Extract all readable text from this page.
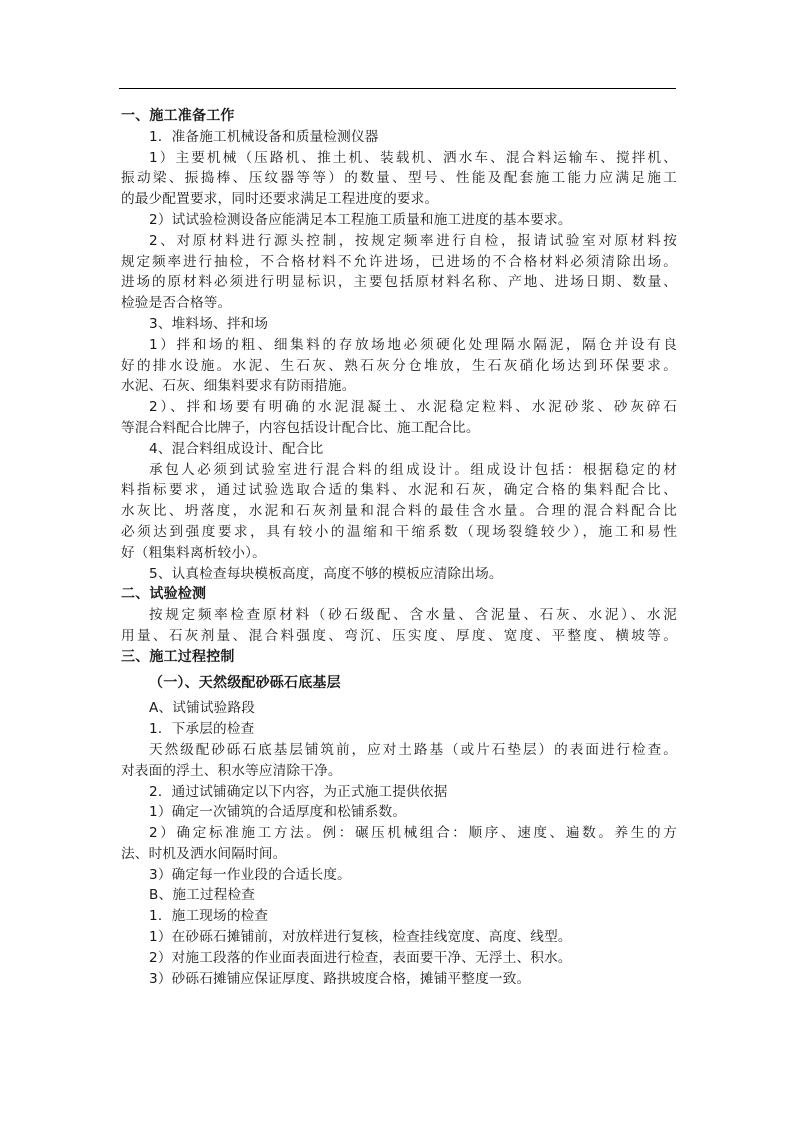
一、施工准备工作
1．准备施工机械设备和质量检测仪器
1）主要机械（压路机、推土机、装载机、洒水车、混合料运输车、搅拌机、
振动梁、振捣棒、压纹器等等）的数量、型号、性能及配套施工能力应满足施工
的最少配置要求，同时还要求满足工程进度的要求。
2）试试验检测设备应能满足本工程施工质量和施工进度的基本要求。
2、对原材料进行源头控制，按规定频率进行自检，报请试验室对原材料按
规定频率进行抽检，不合格材料不允许进场，已进场的不合格材料必须清除出场。
进场的原材料必须进行明显标识，主要包括原材料名称、产地、进场日期、数量、
检验是否合格等。
3、堆料场、拌和场
1）拌和场的粗、细集料的存放场地必须硬化处理隔水隔泥，隔仓并设有良
好的排水设施。水泥、生石灰、熟石灰分仓堆放，生石灰硝化场达到环保要求。
水泥、石灰、细集料要求有防雨措施。
2）、拌和场要有明确的水泥混凝土、水泥稳定粒料、水泥砂浆、砂灰碎石
等混合料配合比牌子，内容包括设计配合比、施工配合比。
4、混合料组成设计、配合比
承包人必须到试验室进行混合料的组成设计。组成设计包括：根据稳定的材
料指标要求，通过试验选取合适的集料、水泥和石灰，确定合格的集料配合比、
水灰比、坍落度，水泥和石灰剂量和混合料的最佳含水量。合理的混合料配合比
必须达到强度要求，具有较小的温缩和干缩系数（现场裂缝较少），施工和易性
好（粗集料离析较小）。
5、认真检查每块模板高度，高度不够的模板应清除出场。
二、试验检测
按规定频率检查原材料（砂石级配、含水量、含泥量、石灰、水泥）、水泥
用量、石灰剂量、混合料强度、弯沉、压实度、厚度、宽度、平整度、横坡等。
三、施工过程控制
（一）、天然级配砂砾石底基层
A、试铺试验路段
1．下承层的检查
天然级配砂砾石底基层铺筑前，应对土路基（或片石垫层）的表面进行检查。
对表面的浮土、积水等应清除干净。
2．通过试铺确定以下内容，为正式施工提供依据
1）确定一次铺筑的合适厚度和松铺系数。
2）确定标准施工方法。例：碾压机械组合：顺序、速度、遍数。养生的方
法、时机及洒水间隔时间。
3）确定每一作业段的合适长度。
B、施工过程检查
1．施工现场的检查
1）在砂砾石摊铺前，对放样进行复核，检查挂线宽度、高度、线型。
2）对施工段落的作业面表面进行检查，表面要干净、无浮土、积水。
3）砂砾石摊铺应保证厚度、路拱坡度合格，摊铺平整度一致。
